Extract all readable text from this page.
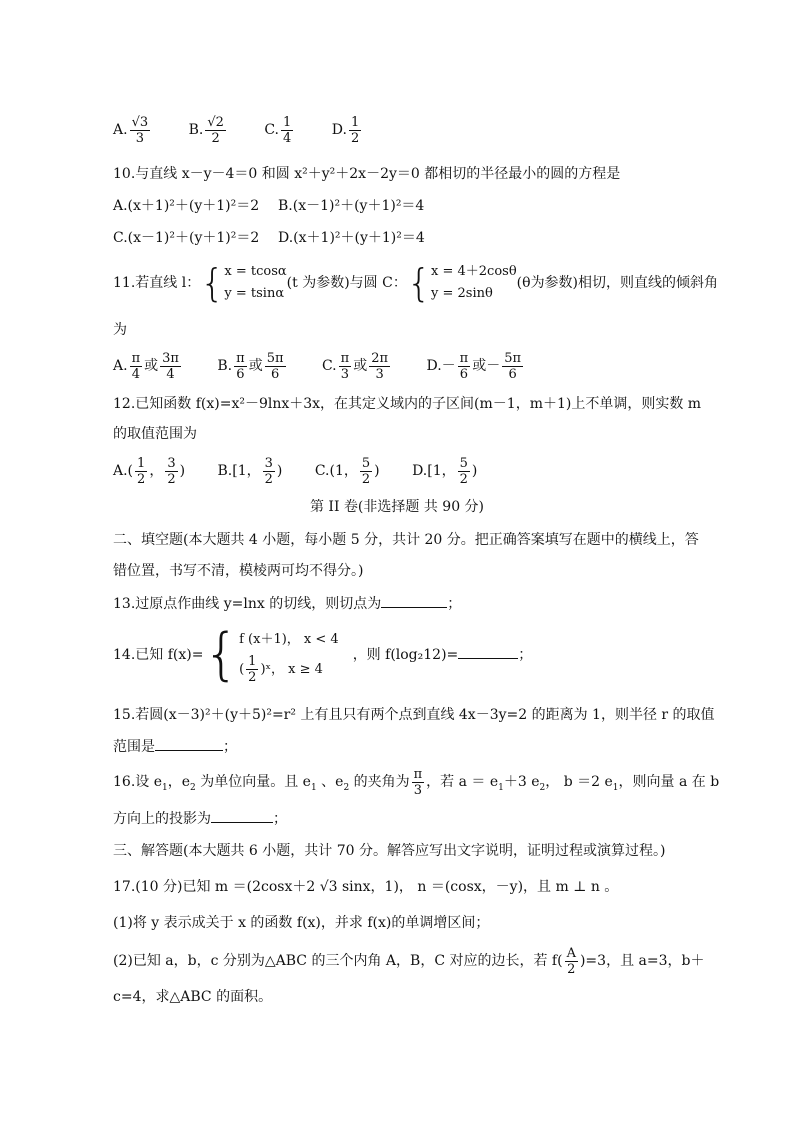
A. $\frac{√3}{3}$	B. $\frac{√2}{2}$	C. $\frac{1}{4}$	D. $\frac{1}{2}$
10.与直线 x－y－4＝0 和圆 x²＋y²＋2x－2y＝0 都相切的半径最小的圆的方程是
A.(x＋1)²＋(y＋1)²＝2 B.(x－1)²＋(y＋1)²＝4
C.(x－1)²＋(y＋1)²＝2 D.(x＋1)²＋(y＋1)²＝4
11.若直线 l：{ x = tcosα
y = tsinα
(t 为参数)与圆 C：{ x = 4＋2cosθ
y = 2sinθ
(θ为参数)相切，则直线的倾斜角
为
A. $\frac{\pi}{4}$ 或 $\frac{3\pi}{4}$	B. $\frac{\pi}{6}$ 或 $\frac{5\pi}{6}$	C. $\frac{\pi}{3}$ 或 $\frac{2\pi}{3}$	$D.- \frac{\pi}{6}$ 或－ $\frac{5\pi}{6}$
12.已知函数 f(x)=x²－9lnx＋3x，在其定义域内的子区间(m－1，m＋1)上不单调，则实数 m
的取值范围为
$A.( \frac{1}{2}$ ， $\frac{3}{2}$ ) B.[1， $\frac{3}{2}$ ) C.(1， $\frac{5}{2}$ ) D.[1， $\frac{5}{2}$ )
第 II 卷(非选择题 共 90 分)
二、填空题(本大题共 4 小题，每小题 5 分，共计 20 分。把正确答案填写在题中的横线上，答
错位置，书写不清，模棱两可均不得分。)
13.过原点作曲线 y=lnx 的切线，则切点为	；
14.已知 f(x)={ f (x＋1)， x < 4
( $\frac{1}{2}$ )ˣ， x ≥ 4
，则 f(log₂12)=	；
15.若圆(x－3)²＋(y＋5)²=r² 上有且只有两个点到直线 4x－3y=2 的距离为 1，则半径 r 的取值
范围是	；
16.设 $e_1$，$e_2$ 为单位向量。且 $e_1$ 、$e_2$ 的夹角为 $\frac{\pi}{3}$ ，若 $a = e_1+3$ $e_2$， b ＝2 $e_1$，则向量 a 在 b
方向上的投影为	；
三、解答题(本大题共 6 小题，共计 70 分。解答应写出文字说明，证明过程或演算过程。)
17.(10 分)已知 m ＝(2cosx＋2 √3 sinx，1)， n ＝(cosx，－y)，且 m ⊥ n 。
(1)将 y 表示成关于 x 的函数 f(x)，并求 f(x)的单调增区间；
(2)已知 a，b，c 分别为△ABC 的三个内角 A，B，C 对应的边长，若 $f( \frac{A}{2} )=3$，且 a=3，b＋
c=4，求△ABC 的面积。
